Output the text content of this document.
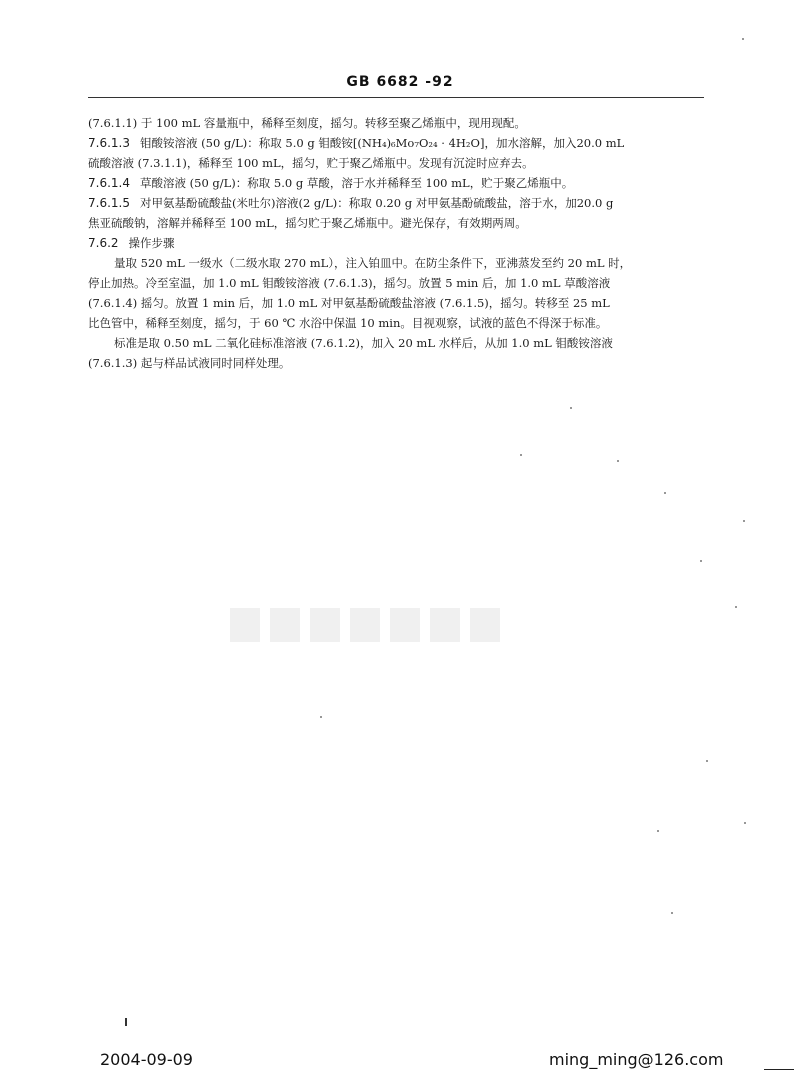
GB 6682 -92
(7.6.1.1) 于 100 mL 容量瓶中，稀释至刻度，摇匀。转移至聚乙烯瓶中，现用现配。
7.6.1.3 钼酸铵溶液 (50 g/L)：称取 5.0 g 钼酸铵[(NH₄)₆Mo₇O₂₄ · 4H₂O]，加水溶解，加入20.0 mL
硫酸溶液 (7.3.1.1)，稀释至 100 mL，摇匀，贮于聚乙烯瓶中。发现有沉淀时应弃去。
7.6.1.4 草酸溶液 (50 g/L)：称取 5.0 g 草酸，溶于水并稀释至 100 mL，贮于聚乙烯瓶中。
7.6.1.5 对甲氨基酚硫酸盐(米吐尔)溶液(2 g/L)：称取 0.20 g 对甲氨基酚硫酸盐，溶于水，加20.0 g
焦亚硫酸钠，溶解并稀释至 100 mL，摇匀贮于聚乙烯瓶中。避光保存，有效期两周。
7.6.2 操作步骤
量取 520 mL 一级水（二级水取 270 mL），注入铂皿中。在防尘条件下，亚沸蒸发至约 20 mL 时，
停止加热。冷至室温，加 1.0 mL 钼酸铵溶液 (7.6.1.3)，摇匀。放置 5 min 后，加 1.0 mL 草酸溶液
(7.6.1.4) 摇匀。放置 1 min 后，加 1.0 mL 对甲氨基酚硫酸盐溶液 (7.6.1.5)，摇匀。转移至 25 mL
比色管中，稀释至刻度，摇匀，于 60 ℃ 水浴中保温 10 min。目视观察，试液的蓝色不得深于标准。
标准是取 0.50 mL 二氧化硅标准溶液 (7.6.1.2)，加入 20 mL 水样后，从加 1.0 mL 钼酸铵溶液
(7.6.1.3) 起与样品试液同时同样处理。
2004-09-09	ming_ming@126.com
